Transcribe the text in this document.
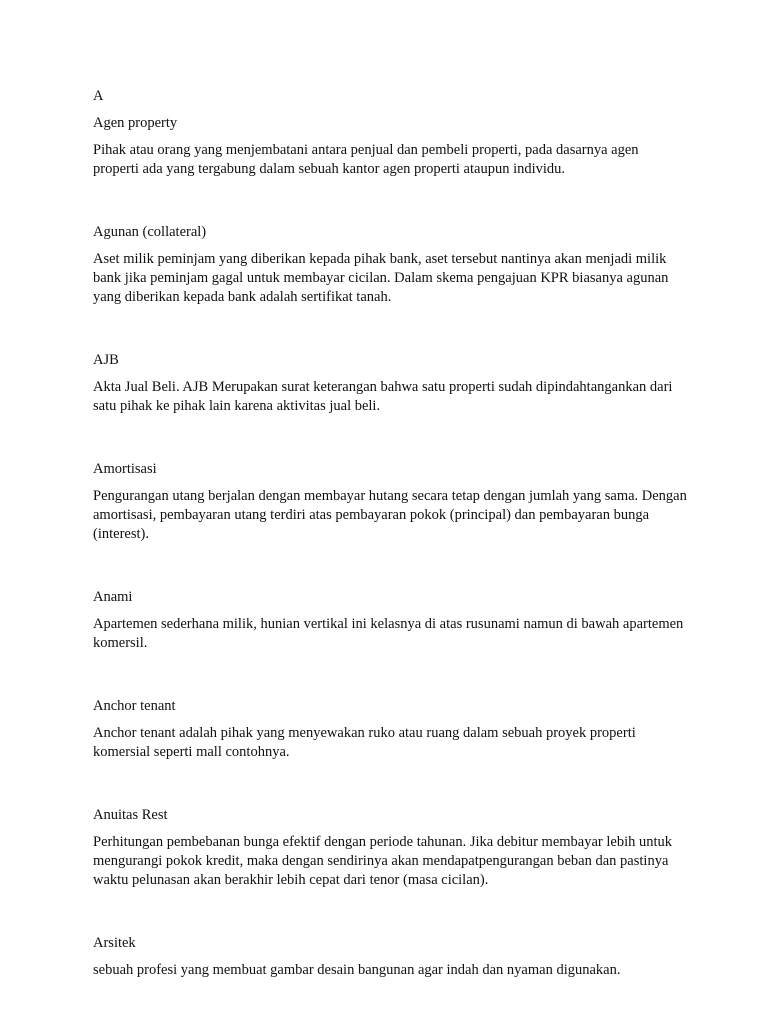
A

Agen property

Pihak atau orang yang menjembatani antara penjual dan pembeli properti, pada dasarnya agen properti ada yang tergabung dalam sebuah kantor agen properti ataupun individu.

Agunan (collateral)

Aset milik peminjam yang diberikan kepada pihak bank, aset tersebut nantinya akan menjadi milik bank jika peminjam gagal untuk membayar cicilan. Dalam skema pengajuan KPR biasanya agunan yang diberikan kepada bank adalah sertifikat tanah.

AJB

Akta Jual Beli. AJB Merupakan surat keterangan bahwa satu properti sudah dipindahtangankan dari satu pihak ke pihak lain karena aktivitas jual beli.

Amortisasi

Pengurangan utang berjalan dengan membayar hutang secara tetap dengan jumlah yang sama. Dengan amortisasi, pembayaran utang terdiri atas pembayaran pokok (principal) dan pembayaran bunga (interest).

Anami

Apartemen sederhana milik, hunian vertikal ini kelasnya di atas rusunami namun di bawah apartemen komersil.

Anchor tenant

Anchor tenant adalah pihak yang menyewakan ruko atau ruang dalam sebuah proyek properti komersial seperti mall contohnya.

Anuitas Rest

Perhitungan pembebanan bunga efektif dengan periode tahunan. Jika debitur membayar lebih untuk mengurangi pokok kredit, maka dengan sendirinya akan mendapatpengurangan beban dan pastinya waktu pelunasan akan berakhir lebih cepat dari tenor (masa cicilan).

Arsitek

sebuah profesi yang membuat gambar desain bangunan agar indah dan nyaman digunakan.
